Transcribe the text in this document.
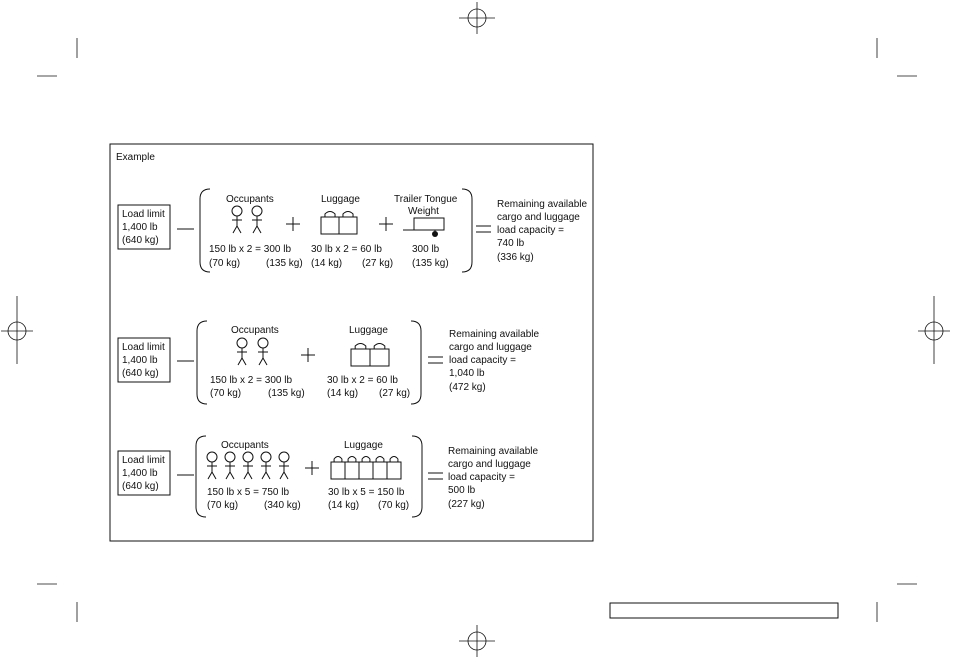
Example
Load limit
1,400 lb
(640 kg)
Occupants
150 lb x 2 = 300 lb
(70 kg)	(135 kg)
Luggage
30 lb x 2 = 60 lb
(14 kg) (27 kg)
Trailer Tongue
Weight
300 lb
(135 kg)
Remaining available
cargo and luggage
load capacity =
740 lb
(336 kg)
Load limit
1,400 lb
(640 kg)
Occupants
150 lb x 2 = 300 lb
(70 kg)	(135 kg)
Luggage
30 lb x 2 = 60 lb
(14 kg) (27 kg)
Remaining available
cargo and luggage
load capacity =
1,040 lb
(472 kg)
Load limit
1,400 lb
(640 kg)
Occupants
150 lb x 5 = 750 lb
(70 kg)	(340 kg)
Luggage
30 lb x 5 = 150 lb
(14 kg) (70 kg)
Remaining available
cargo and luggage
load capacity =
500 lb
(227 kg)
